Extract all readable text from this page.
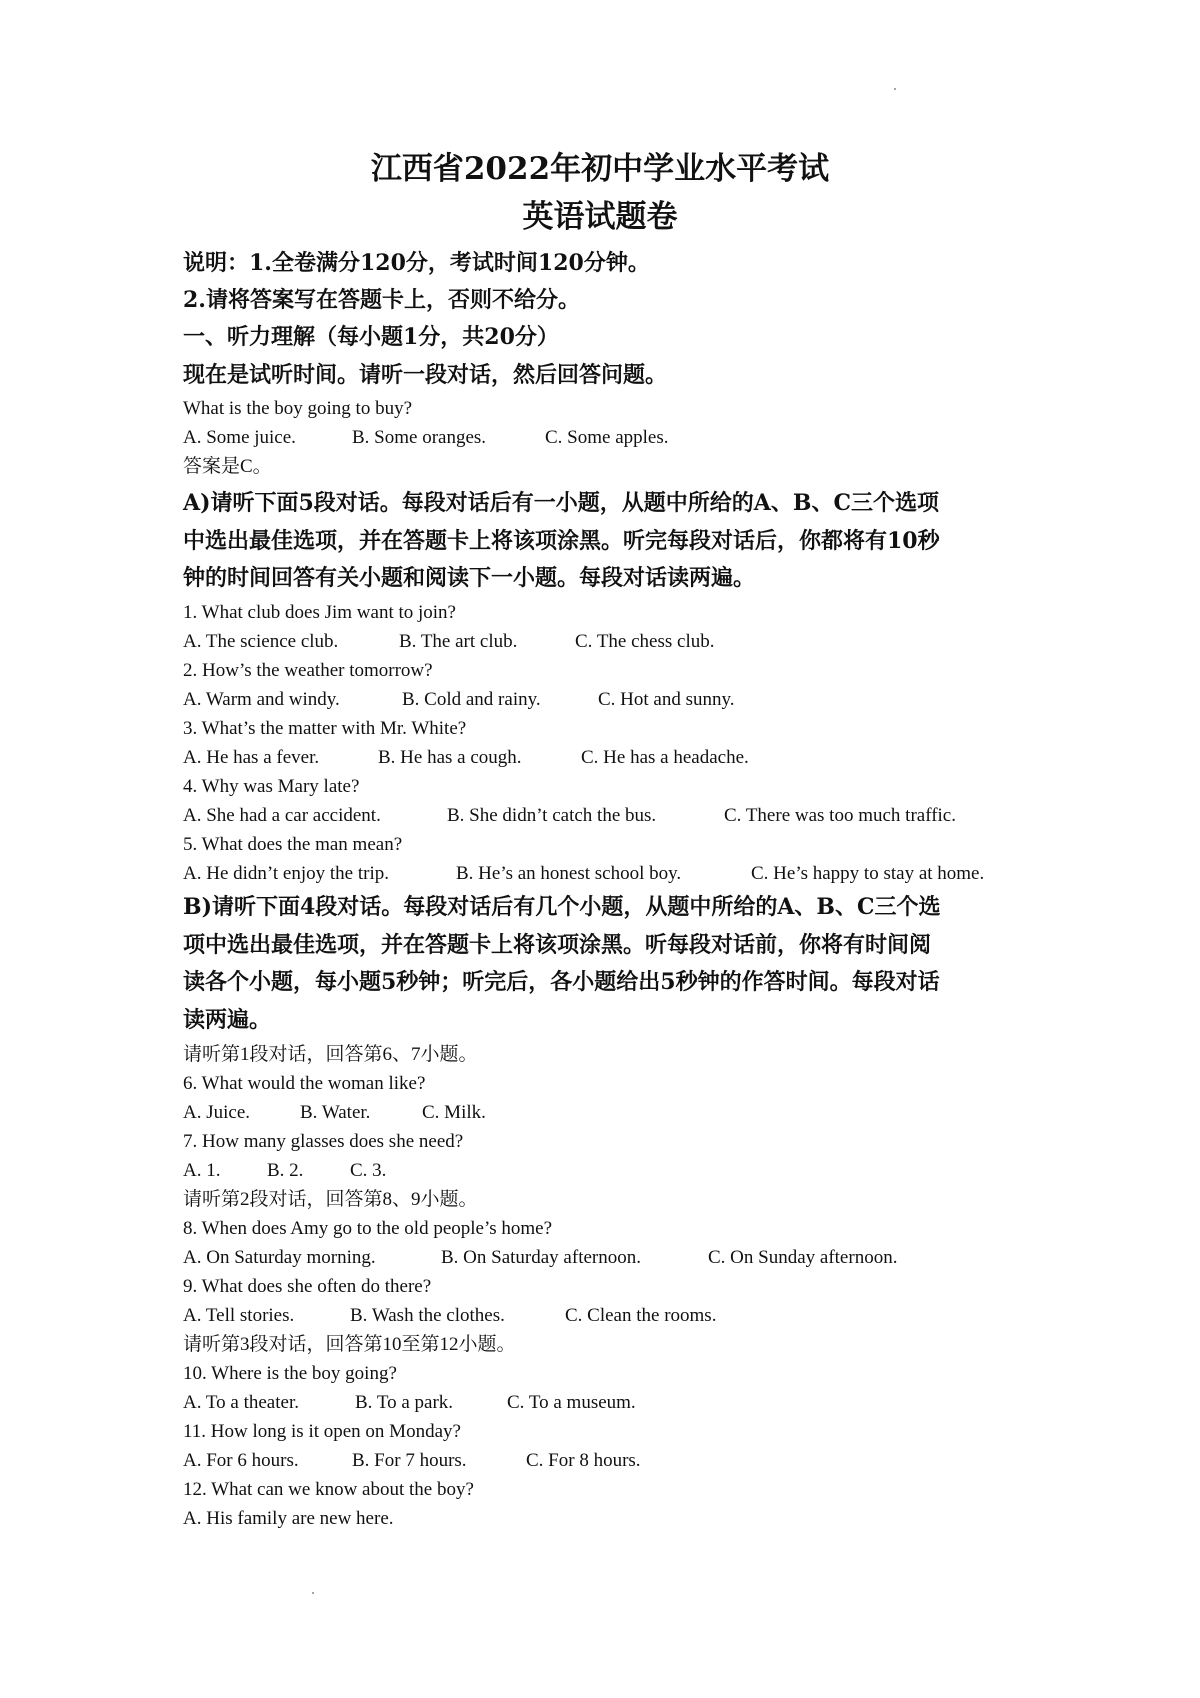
江西省2022年初中学业水平考试
英语试题卷
说明：1.全卷满分120分，考试时间120分钟。
2.请将答案写在答题卡上，否则不给分。
一、听力理解（每小题1分，共20分）
现在是试听时间。请听一段对话，然后回答问题。
What is the boy going to buy?
A. Some juice.	B. Some oranges.	C. Some apples.
答案是C。
A)请听下面5段对话。每段对话后有一小题，从题中所给的A、B、C三个选项
中选出最佳选项，并在答题卡上将该项涂黑。听完每段对话后，你都将有10秒
钟的时间回答有关小题和阅读下一小题。每段对话读两遍。
1. What club does Jim want to join?
A. The science club.	B. The art club.	C. The chess club.
2. How’s the weather tomorrow?
A. Warm and windy.	B. Cold and rainy.	C. Hot and sunny.
3. What’s the matter with Mr. White?
A. He has a fever.	B. He has a cough.	C. He has a headache.
4. Why was Mary late?
A. She had a car accident.	B. She didn’t catch the bus.	C. There was too much traffic.
5. What does the man mean?
A. He didn’t enjoy the trip.	B. He’s an honest school boy.	C. He’s happy to stay at home.
B)请听下面4段对话。每段对话后有几个小题，从题中所给的A、B、C三个选
项中选出最佳选项，并在答题卡上将该项涂黑。听每段对话前，你将有时间阅
读各个小题，每小题5秒钟；听完后，各小题给出5秒钟的作答时间。每段对话
读两遍。
请听第1段对话，回答第6、7小题。
6. What would the woman like?
A. Juice.	B. Water.	C. Milk.
7. How many glasses does she need?
A. 1. B. 2. C. 3.
请听第2段对话，回答第8、9小题。
8. When does Amy go to the old people’s home?
A. On Saturday morning.	B. On Saturday afternoon.	C. On Sunday afternoon.
9. What does she often do there?
A. Tell stories.	B. Wash the clothes.	C. Clean the rooms.
请听第3段对话，回答第10至第12小题。
10. Where is the boy going?
A. To a theater.	B. To a park.	C. To a museum.
11. How long is it open on Monday?
A. For 6 hours.	B. For 7 hours.	C. For 8 hours.
12. What can we know about the boy?
A. His family are new here.
